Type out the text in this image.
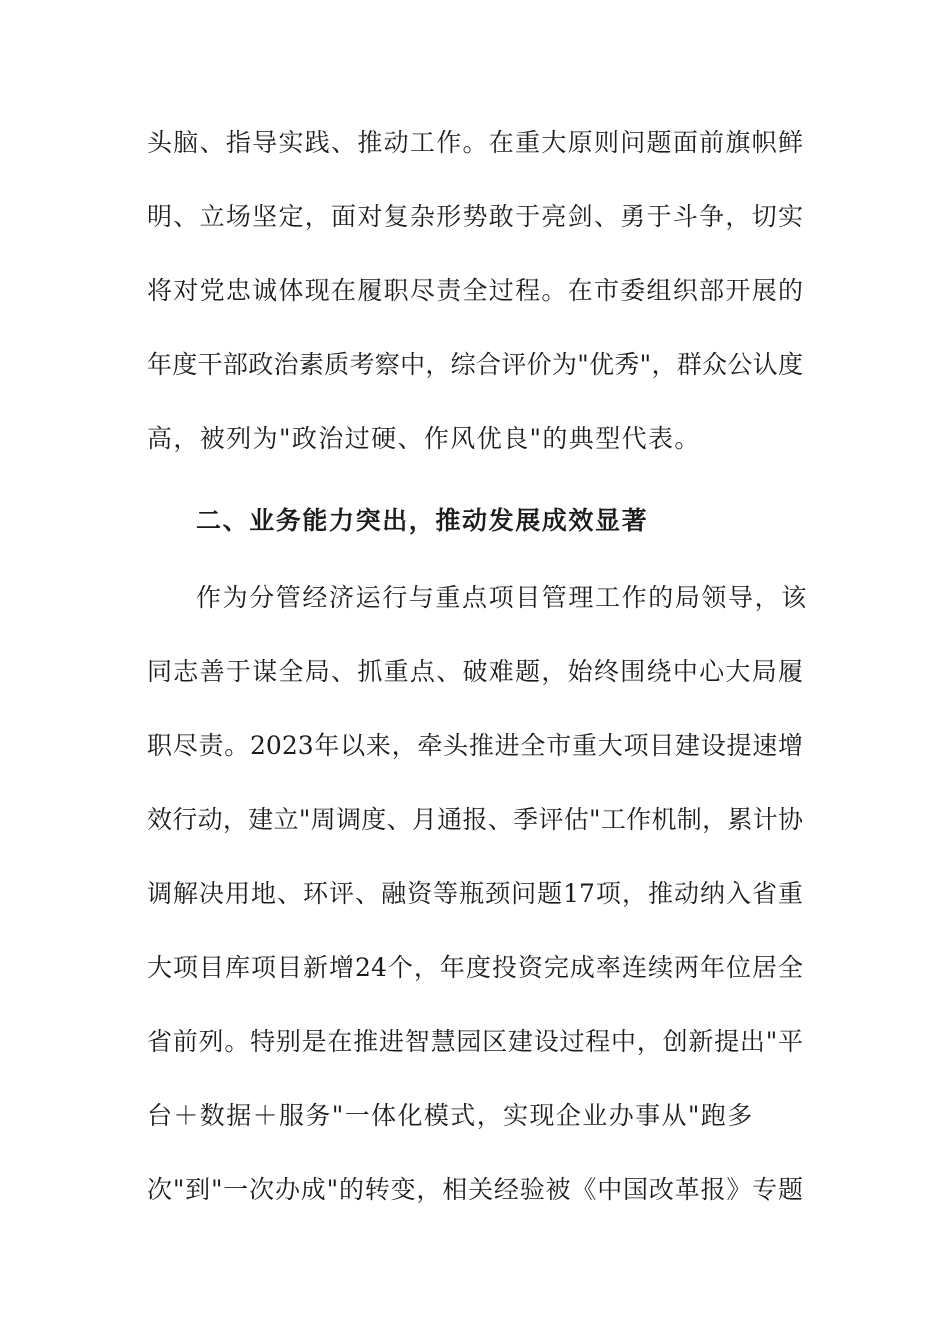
头脑、指导实践、推动工作。在重大原则问题面前旗帜鲜
明、立场坚定，面对复杂形势敢于亮剑、勇于斗争，切实
将对党忠诚体现在履职尽责全过程。在市委组织部开展的
年度干部政治素质考察中，综合评价为"优秀"，群众公认度
高，被列为"政治过硬、作风优良"的典型代表。
二、业务能力突出，推动发展成效显著
作为分管经济运行与重点项目管理工作的局领导，该
同志善于谋全局、抓重点、破难题，始终围绕中心大局履
职尽责。2023年以来，牵头推进全市重大项目建设提速增
效行动，建立"周调度、月通报、季评估"工作机制，累计协
调解决用地、环评、融资等瓶颈问题17项，推动纳入省重
大项目库项目新增24个，年度投资完成率连续两年位居全
省前列。特别是在推进智慧园区建设过程中，创新提出"平
台＋数据＋服务"一体化模式，实现企业办事从"跑多
次"到"一次办成"的转变，相关经验被《中国改革报》专题
